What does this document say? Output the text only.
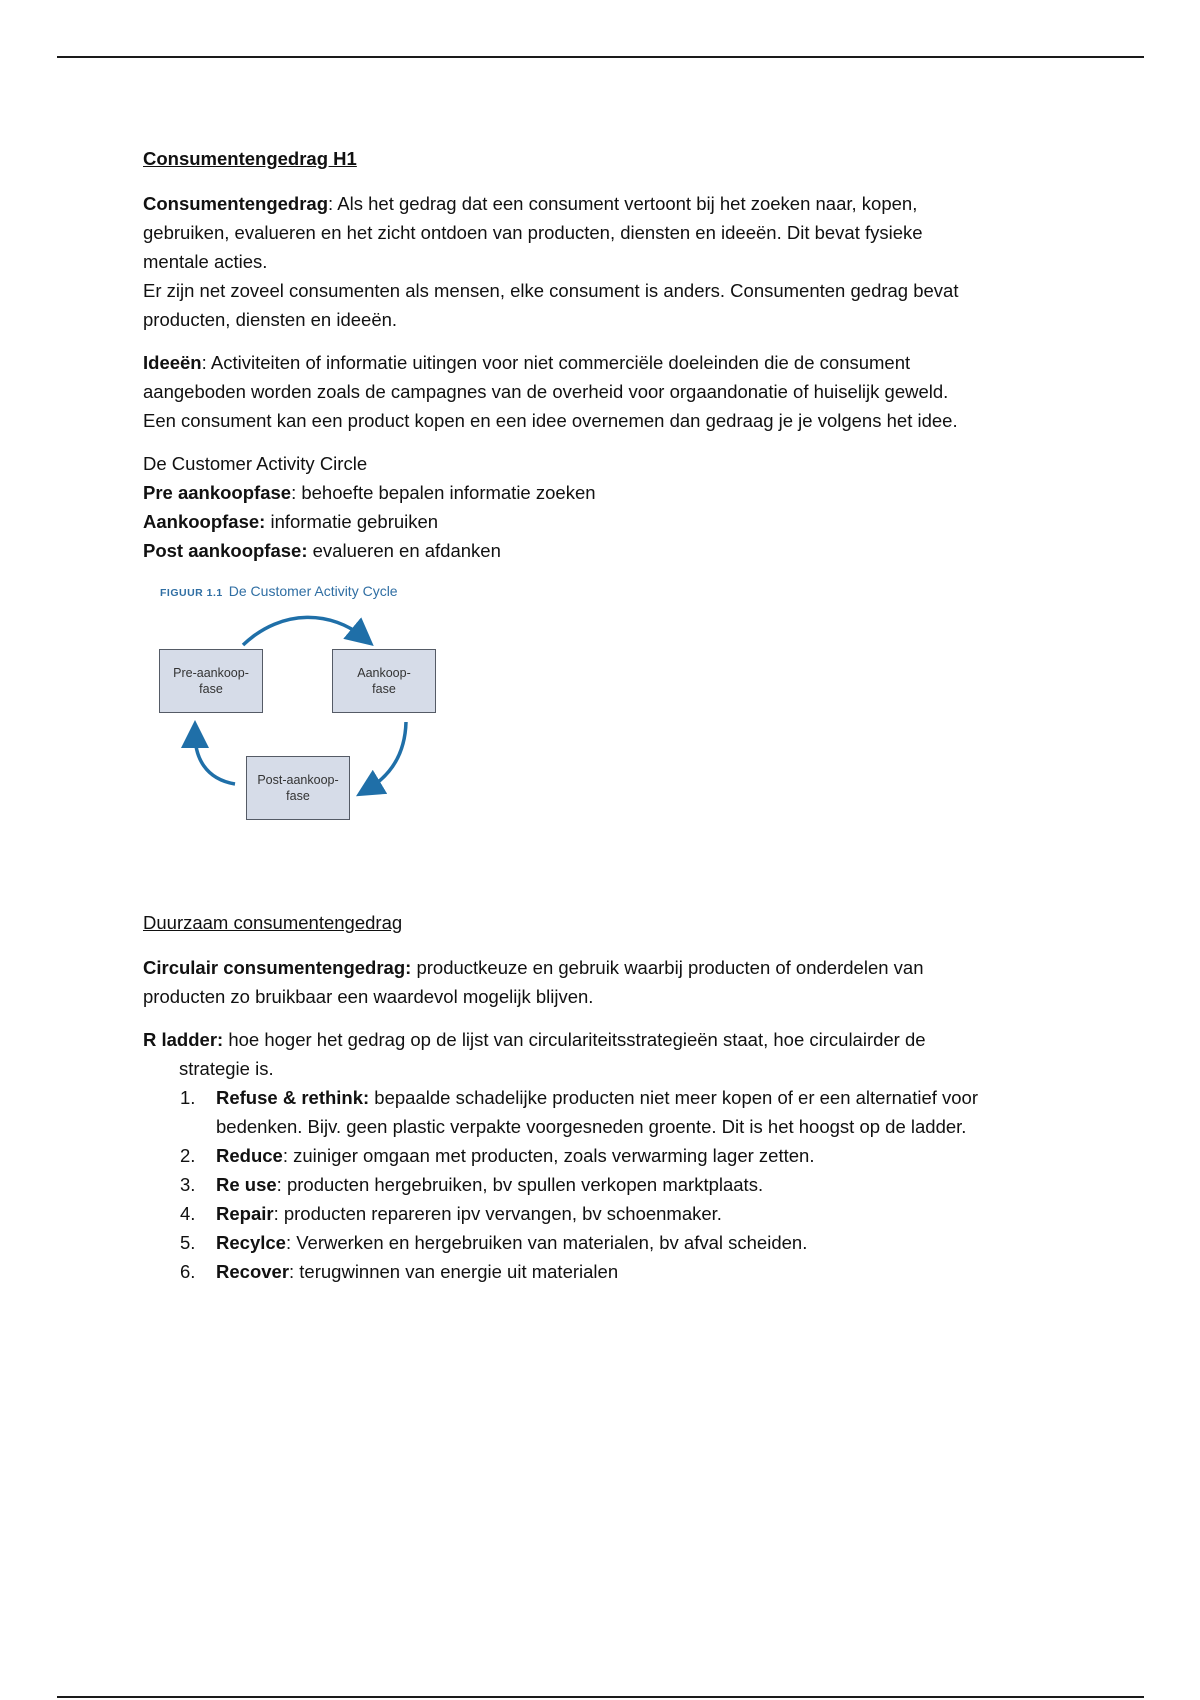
Consumentengedrag H1

Consumentengedrag: Als het gedrag dat een consument vertoont bij het zoeken naar, kopen,

gebruiken, evalueren en het zicht ontdoen van producten, diensten en ideeën. Dit bevat fysieke

mentale acties.

Er zijn net zoveel consumenten als mensen, elke consument is anders. Consumenten gedrag bevat

producten, diensten en ideeën.

Ideeën: Activiteiten of informatie uitingen voor niet commerciële doeleinden die de consument

aangeboden worden zoals de campagnes van de overheid voor orgaandonatie of huiselijk geweld.

Een consument kan een product kopen en een idee overnemen dan gedraag je je volgens het idee.

De Customer Activity Circle

Pre aankoopfase: behoefte bepalen informatie zoeken

Aankoopfase: informatie gebruiken

Post aankoopfase: evalueren en afdanken

FIGUUR 1.1 De Customer Activity Cycle
Pre-aankoop-
fase
Aankoop-
fase
Post-aankoop-
fase

Duurzaam consumentengedrag

Circulair consumentengedrag: productkeuze en gebruik waarbij producten of onderdelen van

producten zo bruikbaar een waardevol mogelijk blijven.

R ladder: hoe hoger het gedrag op de lijst van circulariteitsstrategieën staat, hoe circulairder de
strategie is.

1. Refuse & rethink: bepaalde schadelijke producten niet meer kopen of er een alternatief voor
bedenken. Bijv. geen plastic verpakte voorgesneden groente. Dit is het hoogst op de ladder.
2. Reduce: zuiniger omgaan met producten, zoals verwarming lager zetten.
3. Re use: producten hergebruiken, bv spullen verkopen marktplaats.
4. Repair: producten repareren ipv vervangen, bv schoenmaker.
5. Recylce: Verwerken en hergebruiken van materialen, bv afval scheiden.
6. Recover: terugwinnen van energie uit materialen
